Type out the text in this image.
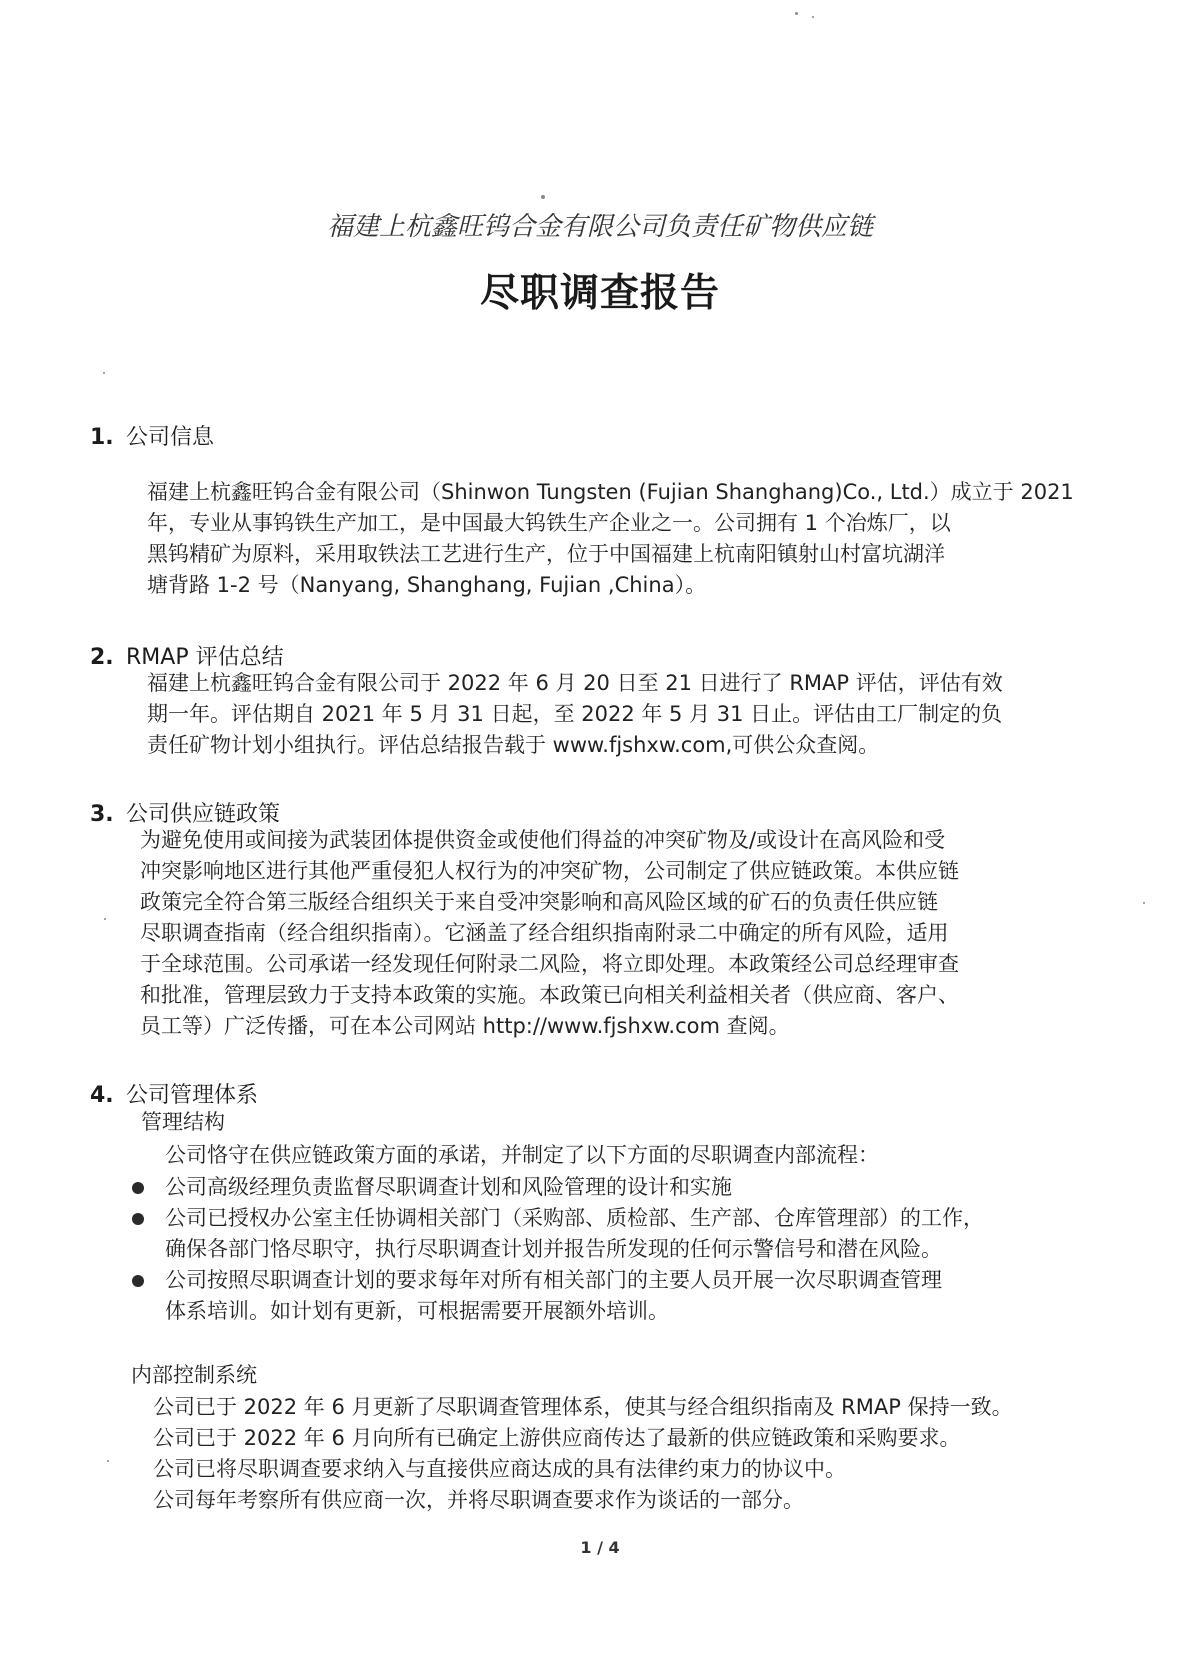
福建上杭鑫旺钨合金有限公司负责任矿物供应链
尽职调查报告
1. 公司信息
福建上杭鑫旺钨合金有限公司（Shinwon Tungsten (Fujian Shanghang)Co., Ltd.）成立于 2021
年，专业从事钨铁生产加工，是中国最大钨铁生产企业之一。公司拥有 1 个冶炼厂，以
黑钨精矿为原料，采用取铁法工艺进行生产，位于中国福建上杭南阳镇射山村富坑湖洋
塘背路 1-2 号（Nanyang, Shanghang, Fujian ,China）。
2. RMAP 评估总结
福建上杭鑫旺钨合金有限公司于 2022 年 6 月 20 日至 21 日进行了 RMAP 评估，评估有效
期一年。评估期自 2021 年 5 月 31 日起，至 2022 年 5 月 31 日止。评估由工厂制定的负
责任矿物计划小组执行。评估总结报告载于 www.fjshxw.com,可供公众查阅。
3. 公司供应链政策
为避免使用或间接为武装团体提供资金或使他们得益的冲突矿物及/或设计在高风险和受
冲突影响地区进行其他严重侵犯人权行为的冲突矿物，公司制定了供应链政策。本供应链
政策完全符合第三版经合组织关于来自受冲突影响和高风险区域的矿石的负责任供应链
尽职调查指南（经合组织指南）。它涵盖了经合组织指南附录二中确定的所有风险，适用
于全球范围。公司承诺一经发现任何附录二风险，将立即处理。本政策经公司总经理审查
和批准，管理层致力于支持本政策的实施。本政策已向相关利益相关者（供应商、客户、
员工等）广泛传播，可在本公司网站 http://www.fjshxw.com 查阅。
4. 公司管理体系
管理结构
公司恪守在供应链政策方面的承诺，并制定了以下方面的尽职调查内部流程：
公司高级经理负责监督尽职调查计划和风险管理的设计和实施
公司已授权办公室主任协调相关部门（采购部、质检部、生产部、仓库管理部）的工作，
确保各部门恪尽职守，执行尽职调查计划并报告所发现的任何示警信号和潜在风险。
公司按照尽职调查计划的要求每年对所有相关部门的主要人员开展一次尽职调查管理
体系培训。如计划有更新，可根据需要开展额外培训。
内部控制系统
公司已于 2022 年 6 月更新了尽职调查管理体系，使其与经合组织指南及 RMAP 保持一致。
公司已于 2022 年 6 月向所有已确定上游供应商传达了最新的供应链政策和采购要求。
公司已将尽职调查要求纳入与直接供应商达成的具有法律约束力的协议中。
公司每年考察所有供应商一次，并将尽职调查要求作为谈话的一部分。
1 / 4
